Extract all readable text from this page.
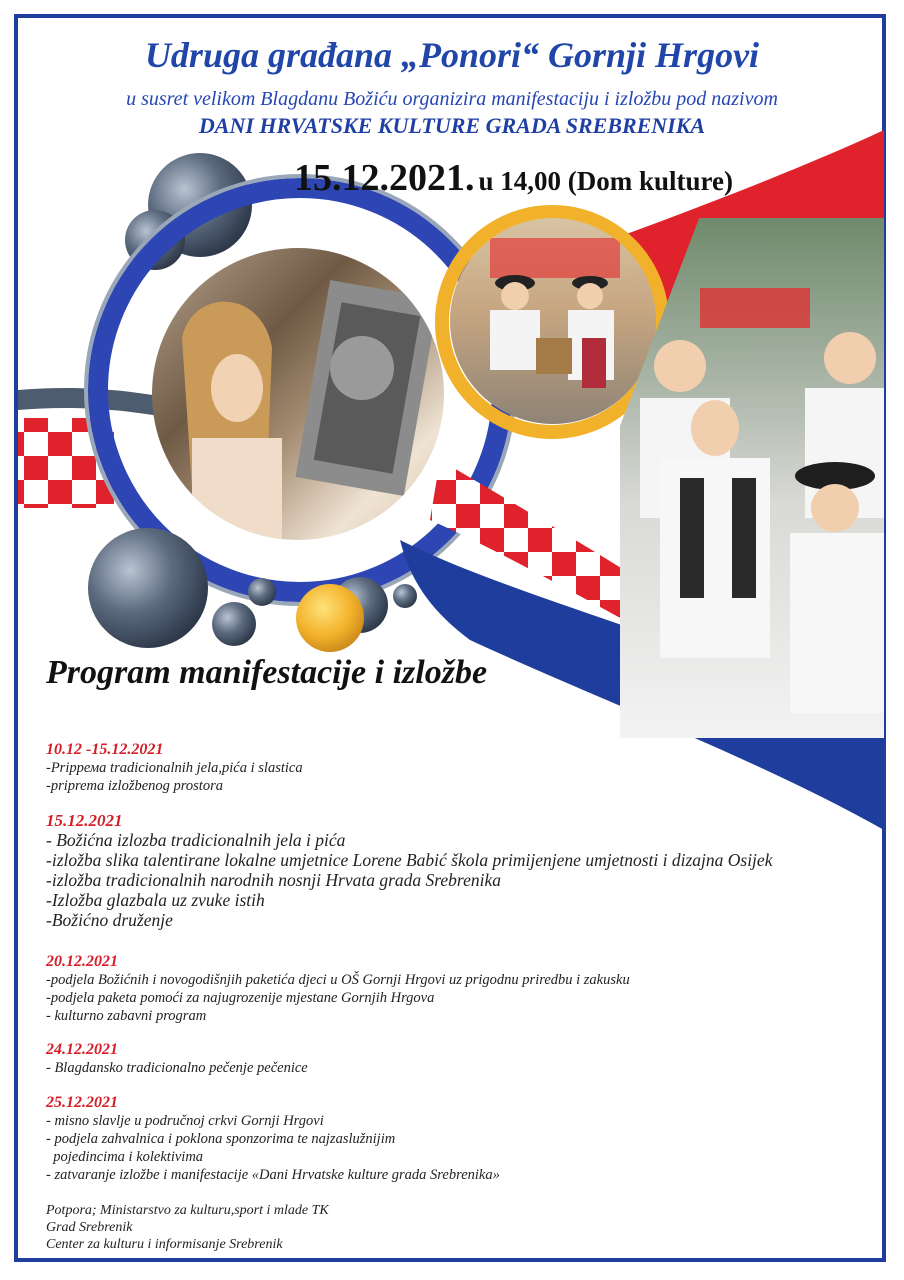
Udruga građana „Ponori“ Gornji Hrgovi
u susret velikom Blagdanu Božiću organizira manifestaciju i izložbu pod nazivom
DANI HRVATSKE KULTURE GRADA SREBRENIKA
15.12.2021. u 14,00 (Dom kulture)
Program manifestacije i izložbe
10.12 -15.12.2021
-Pripрема tradicionalnih jela,pića i slastica
-priprema izložbenog prostora
15.12.2021
- Božićna izlozba tradicionalnih jela i pića
-izložba slika talentirane lokalne umjetnice Lorene Babić škola primijenjene umjetnosti i dizajna Osijek
-izložba tradicionalnih narodnih nosnji Hrvata grada Srebrenika
-Izložba glazbala uz zvuke istih
-Božićno druženje
20.12.2021
-podjela Božićnih i novogodišnjih paketića djeci u OŠ Gornji Hrgovi uz prigodnu priredbu i zakusku
-podjela paketa pomoći za najugrozenije mjestane Gornjih Hrgova
- kulturno zabavni program
24.12.2021
- Blagdansko tradicionalno pečenje pečenice
25.12.2021
- misno slavlje u područnoj crkvi Gornji Hrgovi
- podjela zahvalnica i poklona sponzorima te najzaslužnijim
pojedincima i kolektivima
- zatvaranje izložbe i manifestacije «Dani Hrvatske kulture grada Srebrenika»
Potpora; Ministarstvo za kulturu,sport i mlade TK
Grad Srebrenik
Center za kulturu i informisanje Srebrenik
